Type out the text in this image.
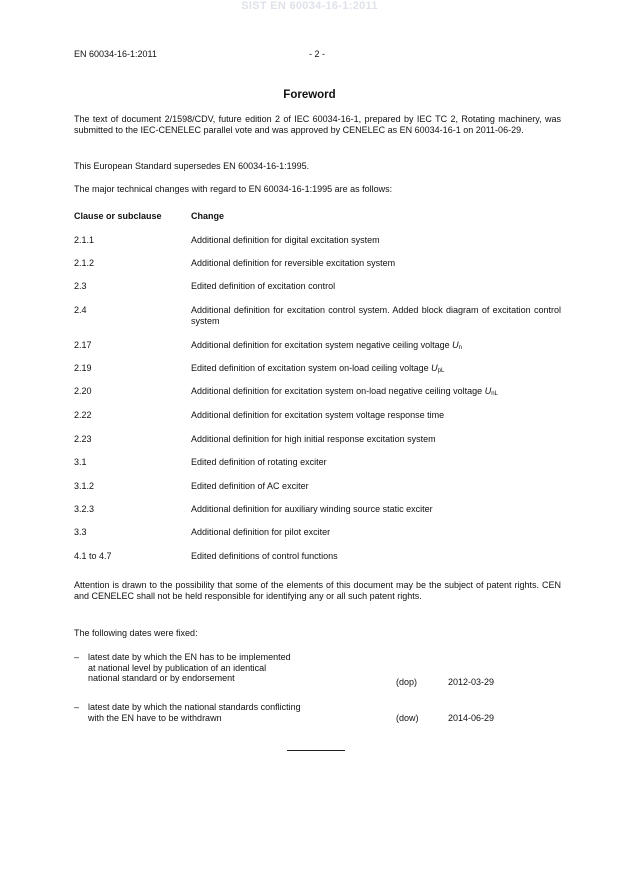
SIST EN 60034-16-1:2011
EN 60034-16-1:2011	- 2 -
Foreword
The text of document 2/1598/CDV, future edition 2 of IEC 60034-16-1, prepared by IEC TC 2, Rotating machinery, was submitted to the IEC-CENELEC parallel vote and was approved by CENELEC as EN 60034-16-1 on 2011-06-29.
This European Standard supersedes EN 60034-16-1:1995.
The major technical changes with regard to EN 60034-16-1:1995 are as follows:
Clause or subclause	Change
2.1.1	Additional definition for digital excitation system
2.1.2	Additional definition for reversible excitation system
2.3	Edited definition of excitation control
2.4	Additional definition for excitation control system. Added block diagram of excitation control system
2.17	Additional definition for excitation system negative ceiling voltage $U_n$
2.19	Edited definition of excitation system on-load ceiling voltage $U_{pL}$
2.20	Additional definition for excitation system on-load negative ceiling voltage $U_{nL}$
2.22	Additional definition for excitation system voltage response time
2.23	Additional definition for high initial response excitation system
3.1	Edited definition of rotating exciter
3.1.2	Edited definition of AC exciter
3.2.3	Additional definition for auxiliary winding source static exciter
3.3	Additional definition for pilot exciter
4.1 to 4.7	Edited definitions of control functions
Attention is drawn to the possibility that some of the elements of this document may be the subject of patent rights. CEN and CENELEC shall not be held responsible for identifying any or all such patent rights.
The following dates were fixed:
– latest date by which the EN has to be implemented
at national level by publication of an identical
national standard or by endorsement	(dop)	2012-03-29
– latest date by which the national standards conflicting
with the EN have to be withdrawn	(dow)	2014-06-29
